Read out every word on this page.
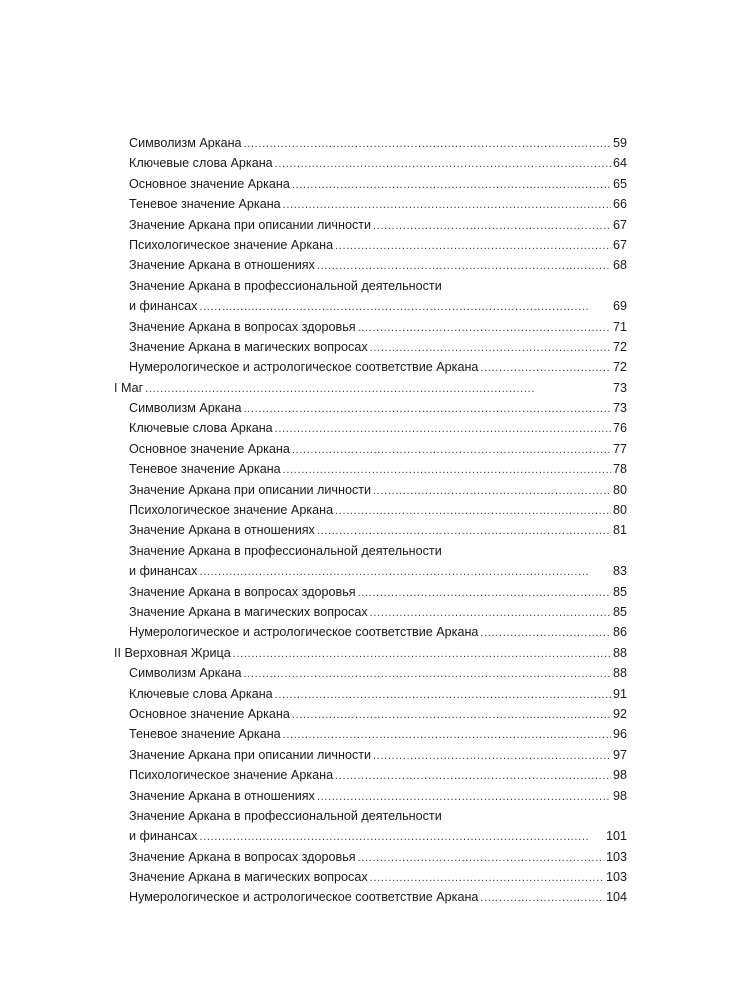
Символизм Аркана . . .	59
Ключевые слова Аркана . . .	64
Основное значение Аркана . . .	65
Теневое значение Аркана . . .	66
Значение Аркана при описании личности . . .	67
Психологическое значение Аркана . . .	67
Значение Аркана в отношениях . . .	68
Значение Аркана в профессиональной деятельности
и финансах . . .	69
Значение Аркана в вопросах здоровья . . .	71
Значение Аркана в магических вопросах . . .	72
Нумерологическое и астрологическое соответствие Аркана . . .	72
I Маг . . .	73
Символизм Аркана . . .	73
Ключевые слова Аркана . . .	76
Основное значение Аркана . . .	77
Теневое значение Аркана . . .	78
Значение Аркана при описании личности . . .	80
Психологическое значение Аркана . . .	80
Значение Аркана в отношениях . . .	81
Значение Аркана в профессиональной деятельности
и финансах . . .	83
Значение Аркана в вопросах здоровья . . .	85
Значение Аркана в магических вопросах . . .	85
Нумерологическое и астрологическое соответствие Аркана . . .	86
II Верховная Жрица . . .	88
Символизм Аркана . . .	88
Ключевые слова Аркана . . .	91
Основное значение Аркана . . .	92
Теневое значение Аркана . . .	96
Значение Аркана при описании личности . . .	97
Психологическое значение Аркана . . .	98
Значение Аркана в отношениях . . .	98
Значение Аркана в профессиональной деятельности
и финансах . . .	101
Значение Аркана в вопросах здоровья . . .	103
Значение Аркана в магических вопросах . . .	103
Нумерологическое и астрологическое соответствие Аркана . . .	104
